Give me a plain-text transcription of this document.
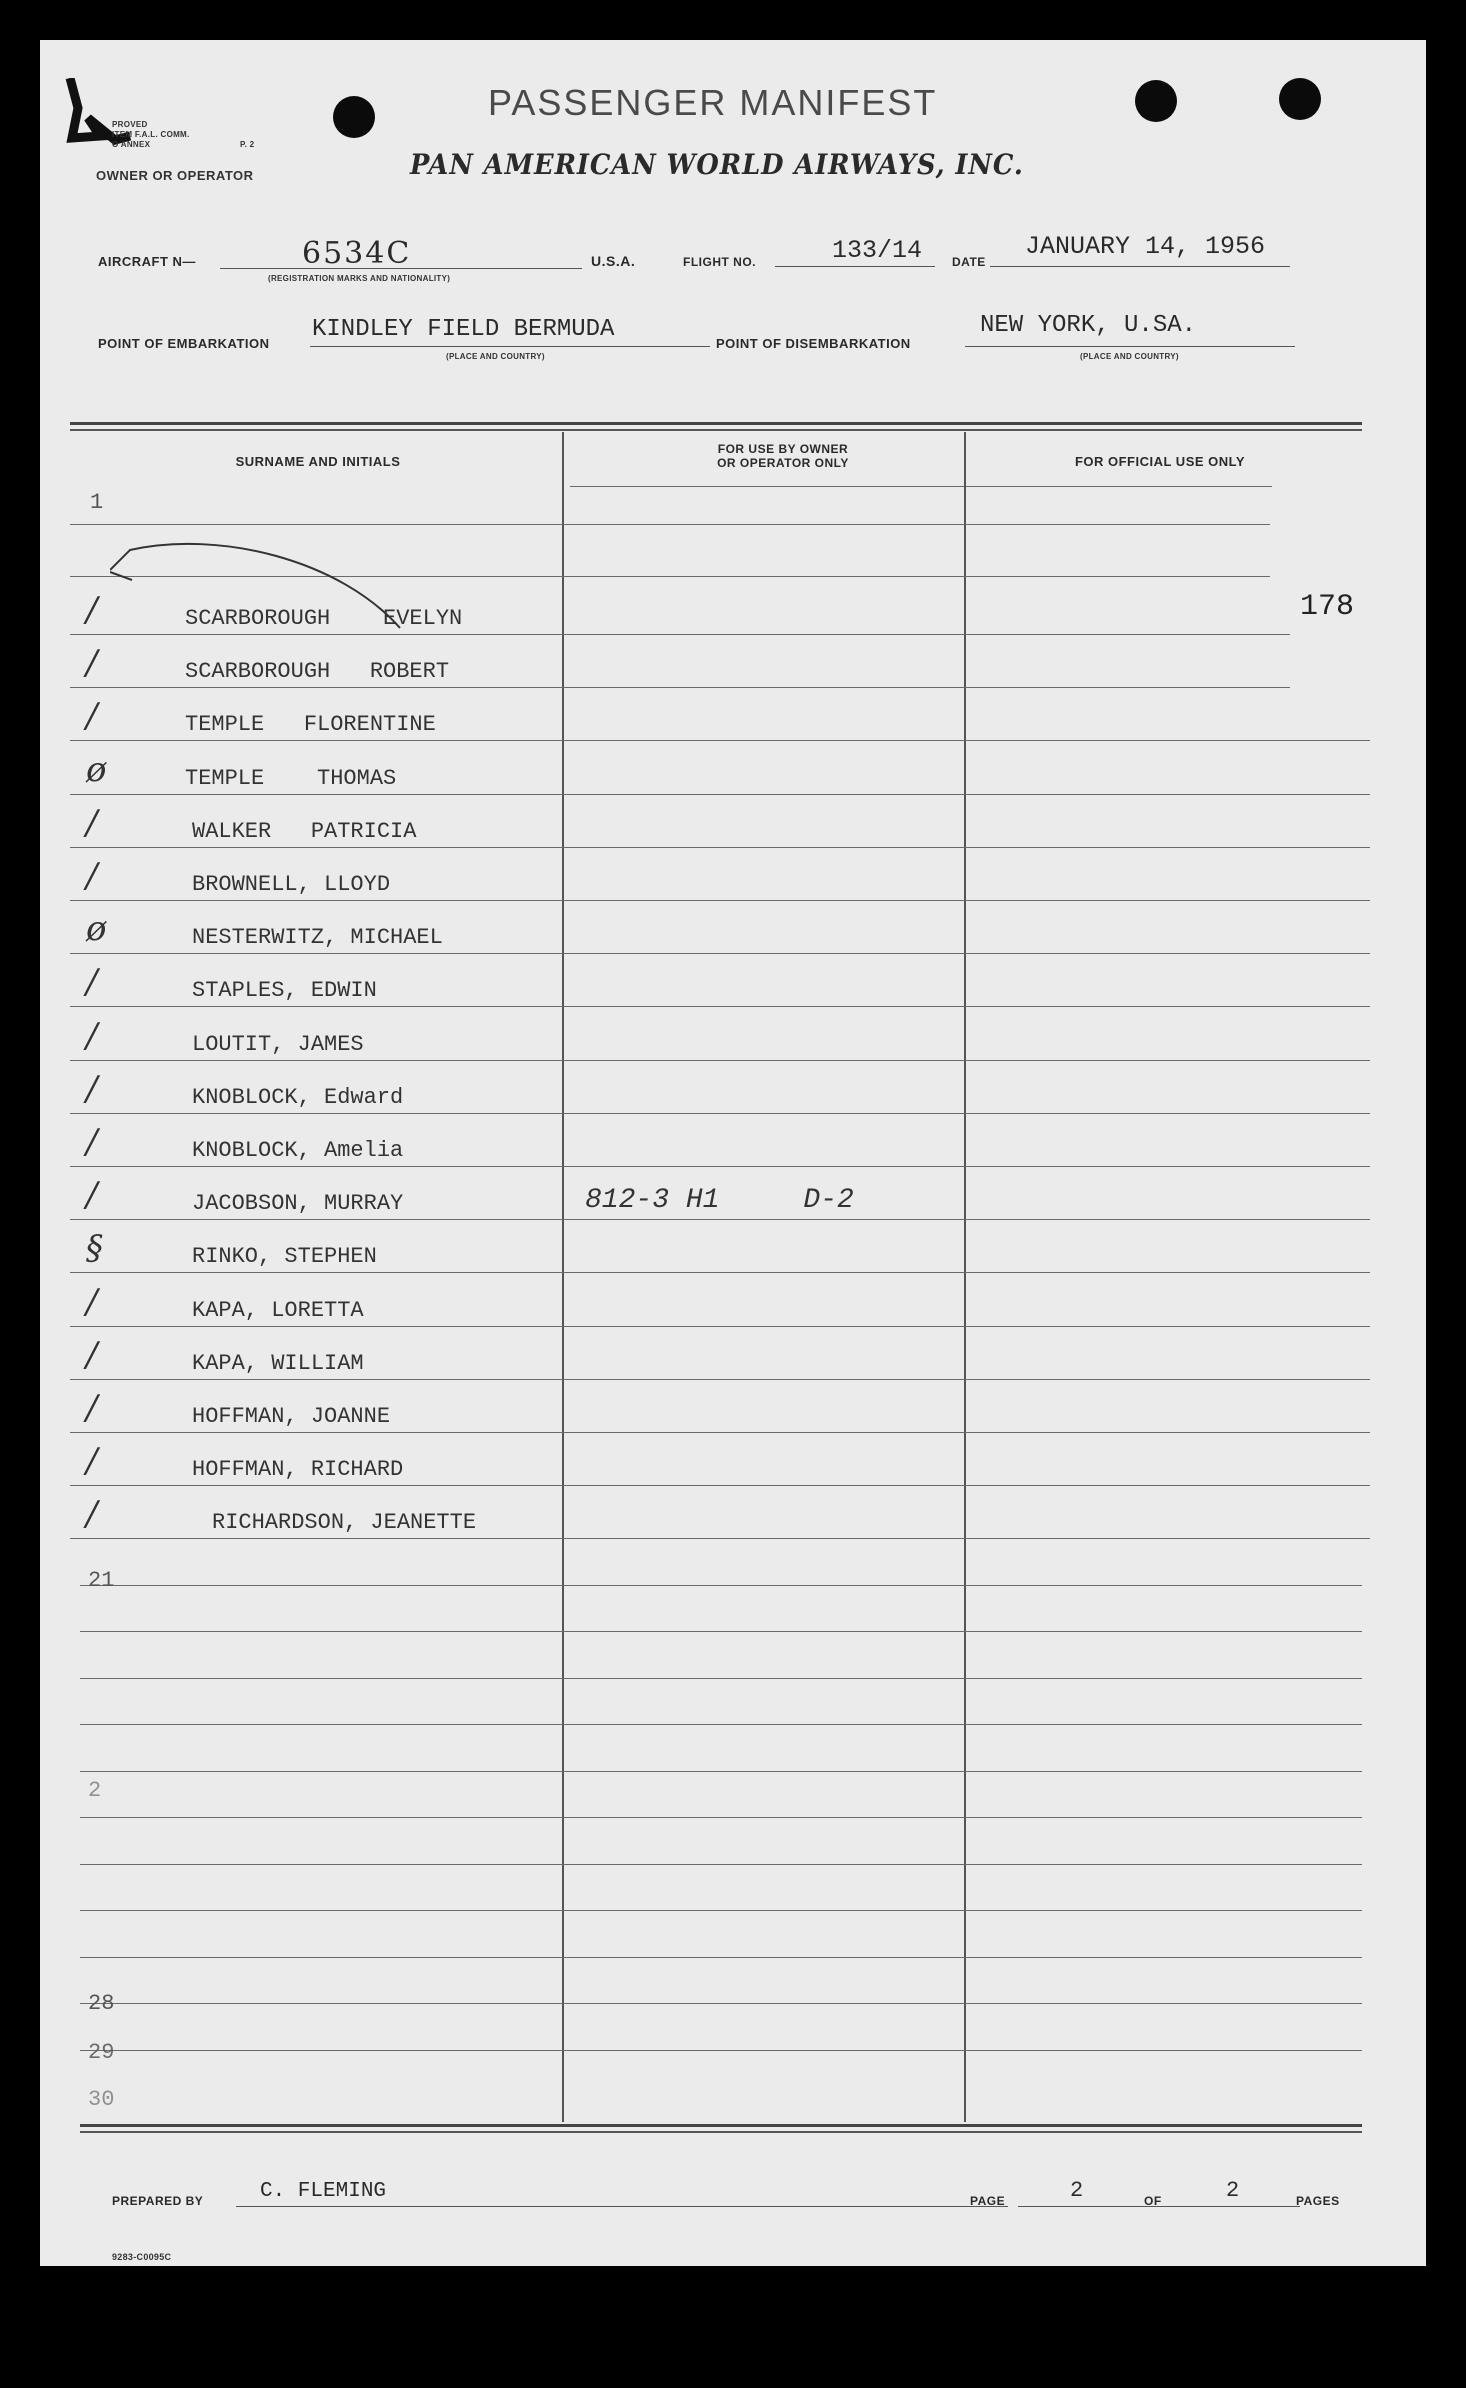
PROVED
ITEM F.A.L. COMM.
O ANNEX	P. 2
OWNER OR OPERATOR
PASSENGER MANIFEST
PAN AMERICAN WORLD AIRWAYS, INC.
AIRCRAFT N—	6534C
(REGISTRATION MARKS AND NATIONALITY)
U.S.A.	FLIGHT NO.	133/14 DATE
JANUARY 14, 1956
POINT OF EMBARKATION
KINDLEY FIELD BERMUDA
(PLACE AND COUNTRY)
POINT OF DISEMBARKATION
NEW YORK, U.SA.
(PLACE AND COUNTRY)
SURNAME AND INITIALS
FOR USE BY OWNER
OR OPERATOR ONLY	FOR OFFICIAL USE ONLY
1
178
/	SCARBOROUGH    EVELYN
/	SCARBOROUGH   ROBERT
/	TEMPLE   FLORENTINE
ø	TEMPLE    THOMAS
/	WALKER   PATRICIA
/	BROWNELL, LLOYD
ø	NESTERWITZ, MICHAEL
/	STAPLES, EDWIN
/	LOUTIT, JAMES
/	KNOBLOCK, Edward
/	KNOBLOCK, Amelia
/	JACOBSON, MURRAY	812-3 H1     D-2
§	RINKO, STEPHEN
/	KAPA, LORETTA
/	KAPA, WILLIAM
/	HOFFMAN, JOANNE
/	HOFFMAN, RICHARD
/	RICHARDSON, JEANETTE
21
2
28
29
30
PREPARED BY	C. FLEMING	PAGE	2	OF	2	PAGES
9283-C0095C
